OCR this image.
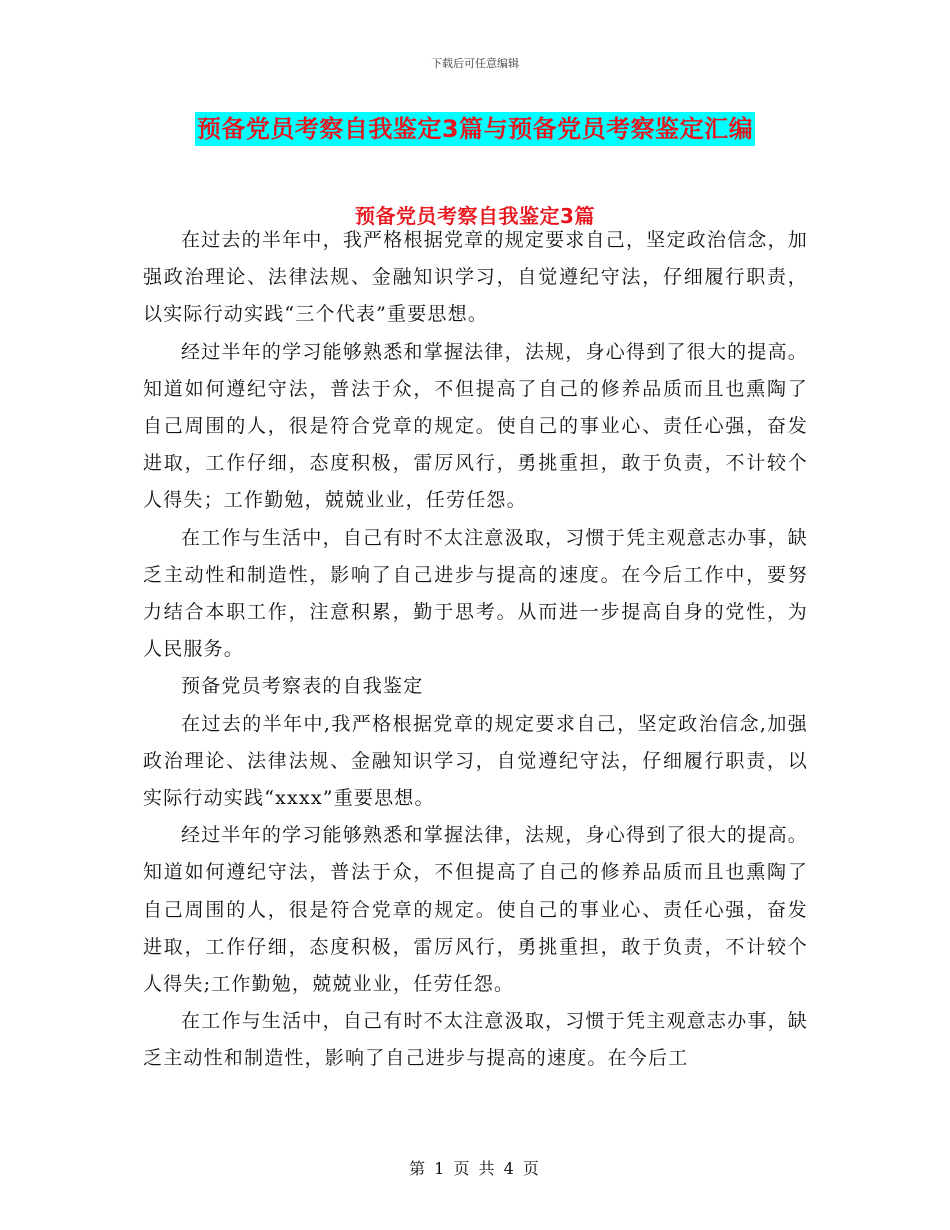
下载后可任意编辑
预备党员考察自我鉴定3篇与预备党员考察鉴定汇编
预备党员考察自我鉴定3篇

在过去的半年中，我严格根据党章的规定要求自己，坚定政治信念，加强政治理论、法律法规、金融知识学习，自觉遵纪守法，仔细履行职责，以实际行动实践“三个代表”重要思想。

经过半年的学习能够熟悉和掌握法律，法规，身心得到了很大的提高。知道如何遵纪守法，普法于众，不但提高了自己的修养品质而且也熏陶了自己周围的人，很是符合党章的规定。使自己的事业心、责任心强，奋发进取，工作仔细，态度积极，雷厉风行，勇挑重担，敢于负责，不计较个人得失；工作勤勉，兢兢业业，任劳任怨。

在工作与生活中，自己有时不太注意汲取，习惯于凭主观意志办事，缺乏主动性和制造性，影响了自己进步与提高的速度。在今后工作中，要努力结合本职工作，注意积累，勤于思考。从而进一步提高自身的党性，为人民服务。

预备党员考察表的自我鉴定

在过去的半年中,我严格根据党章的规定要求自己，坚定政治信念,加强政治理论、法律法规、金融知识学习，自觉遵纪守法，仔细履行职责，以实际行动实践“xxxx”重要思想。

经过半年的学习能够熟悉和掌握法律，法规，身心得到了很大的提高。知道如何遵纪守法，普法于众，不但提高了自己的修养品质而且也熏陶了自己周围的人，很是符合党章的规定。使自己的事业心、责任心强，奋发进取，工作仔细，态度积极，雷厉风行，勇挑重担，敢于负责，不计较个人得失;工作勤勉，兢兢业业，任劳任怨。

在工作与生活中，自己有时不太注意汲取，习惯于凭主观意志办事，缺乏主动性和制造性，影响了自己进步与提高的速度。在今后工

第 1 页 共 4 页
